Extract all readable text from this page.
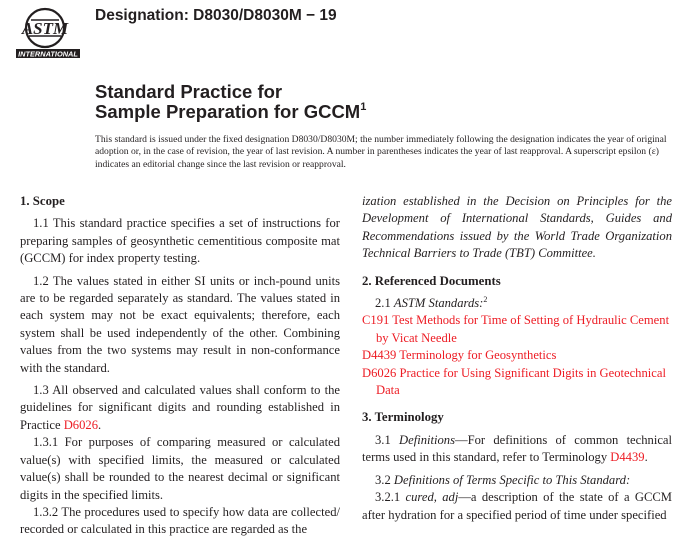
ASTM
INTERNATIONAL
Designation: D8030/D8030M − 19
Standard Practice for
Sample Preparation for GCCM$^1$
This standard is issued under the fixed designation D8030/D8030M; the number immediately following the designation indicates the year of original adoption or, in the case of revision, the year of last revision. A number in parentheses indicates the year of last reapproval. A superscript epsilon (ε) indicates an editorial change since the last revision or reapproval.
1. Scope
1.1 This standard practice specifies a set of instructions for preparing samples of geosynthetic cementitious composite mat (GCCM) for index property testing.
1.2 The values stated in either SI units or inch-pound units are to be regarded separately as standard. The values stated in each system may not be exact equivalents; therefore, each system shall be used independently of the other. Combining values from the two systems may result in non-conformance with the standard.
1.3 All observed and calculated values shall conform to the guidelines for significant digits and rounding established in Practice D6026.
1.3.1 For purposes of comparing measured or calculated value(s) with specified limits, the measured or calculated value(s) shall be rounded to the nearest decimal or significant digits in the specified limits.
1.3.2 The procedures used to specify how data are collected/ recorded or calculated in this practice are regarded as the
ization established in the Decision on Principles for the Development of International Standards, Guides and Recommendations issued by the World Trade Organization Technical Barriers to Trade (TBT) Committee.
2. Referenced Documents
2.1 ASTM Standards:$^2$
C191 Test Methods for Time of Setting of Hydraulic Cement by Vicat Needle
D4439 Terminology for Geosynthetics
D6026 Practice for Using Significant Digits in Geotechnical Data
3. Terminology
3.1 Definitions—For definitions of common technical terms used in this standard, refer to Terminology D4439.
3.2 Definitions of Terms Specific to This Standard:
3.2.1 cured, adj—a description of the state of a GCCM after hydration for a specified period of time under specified
